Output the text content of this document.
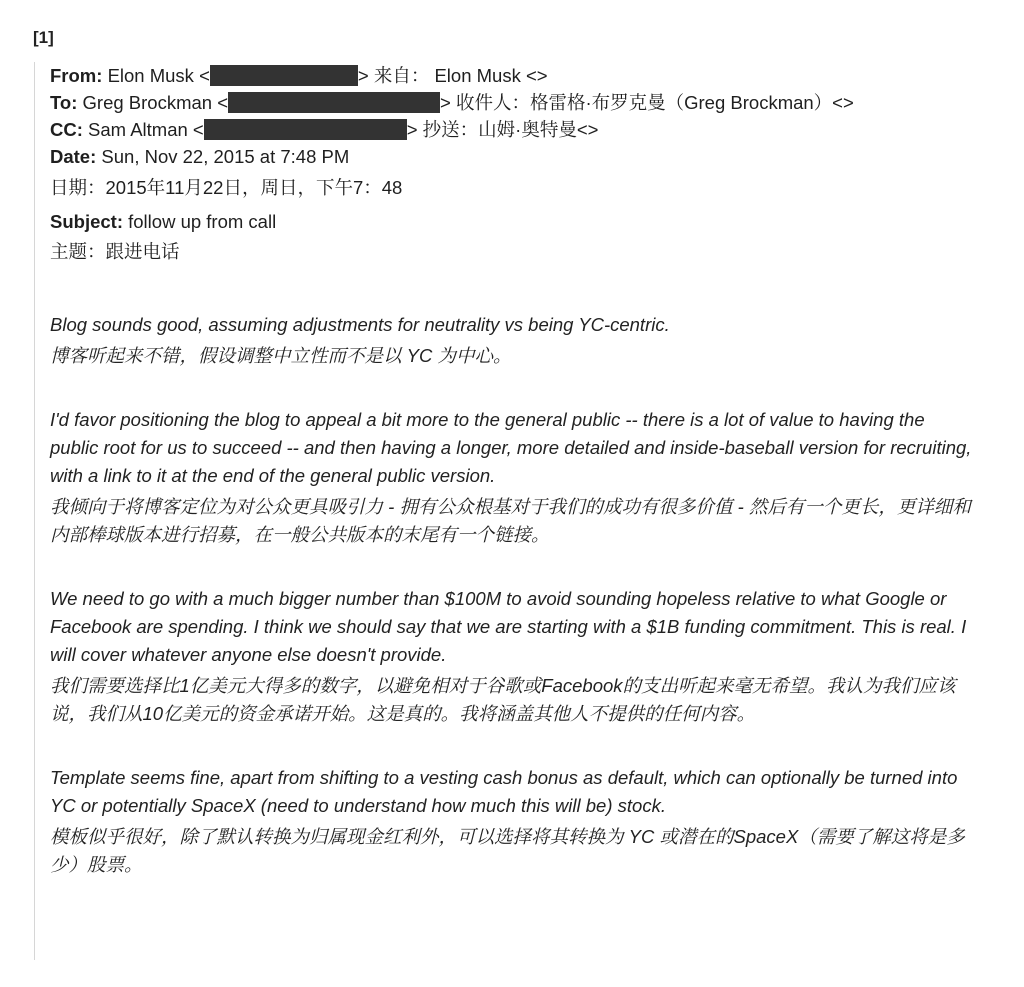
[1]
From: Elon Musk <	> 来自： Elon Musk <>
To: Greg Brockman <	> 收件人：格雷格·布罗克曼（Greg Brockman）<>
CC: Sam Altman <	> 抄送：山姆·奥特曼<>
Date: Sun, Nov 22, 2015 at 7:48 PM
日期：2015年11月22日，周日，下午7：48
Subject: follow up from call
主题：跟进电话

Blog sounds good, assuming adjustments for neutrality vs being YC-centric.

博客听起来不错，假设调整中立性而不是以 YC 为中心。

I'd favor positioning the blog to appeal a bit more to the general public -- there is a lot of value to having the public root for us to succeed -- and then having a longer, more detailed and inside-baseball version for recruiting, with a link to it at the end of the general public version.

我倾向于将博客定位为对公众更具吸引力 - 拥有公众根基对于我们的成功有很多价值 - 然后有一个更长，更详细和内部棒球版本进行招募，在一般公共版本的末尾有一个链接。

We need to go with a much bigger number than $100M to avoid sounding hopeless relative to what Google or Facebook are spending. I think we should say that we are starting with a $1B funding commitment. This is real. I will cover whatever anyone else doesn't provide.

我们需要选择比1亿美元大得多的数字，以避免相对于谷歌或Facebook的支出听起来毫无希望。我认为我们应该说，我们从10亿美元的资金承诺开始。这是真的。我将涵盖其他人不提供的任何内容。

Template seems fine, apart from shifting to a vesting cash bonus as default, which can optionally be turned into YC or potentially SpaceX (need to understand how much this will be) stock.

模板似乎很好，除了默认转换为归属现金红利外，可以选择将其转换为 YC 或潜在的SpaceX（需要了解这将是多少）股票。
